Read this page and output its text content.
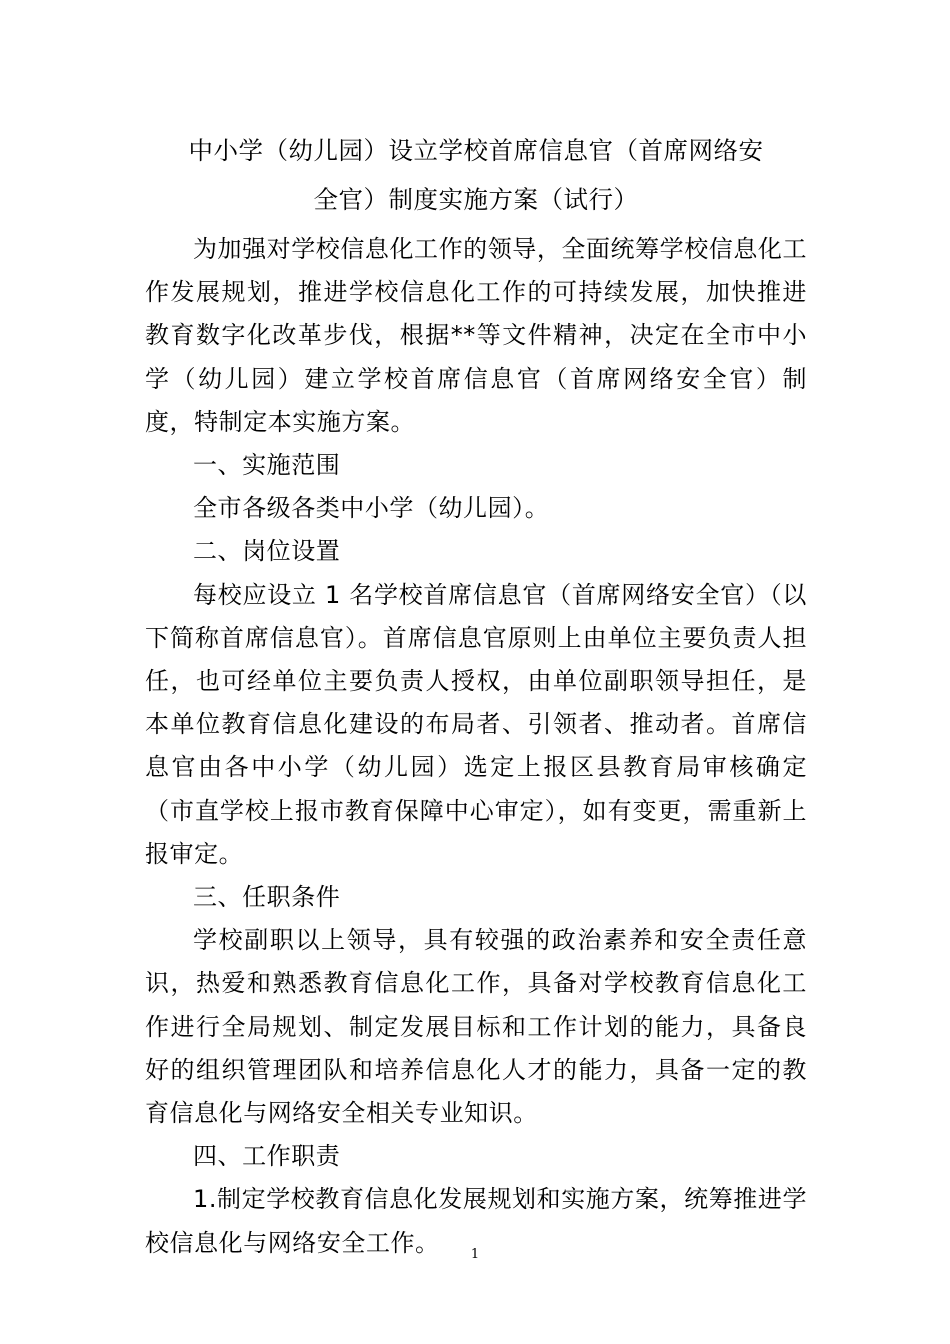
中小学（幼儿园）设立学校首席信息官（首席网络安
全官）制度实施方案（试行）

为加强对学校信息化工作的领导，全面统筹学校信息化工作发展规划，推进学校信息化工作的可持续发展，加快推进教育数字化改革步伐，根据**等文件精神，决定在全市中小学（幼儿园）建立学校首席信息官（首席网络安全官）制度，特制定本实施方案。

一、实施范围

全市各级各类中小学（幼儿园）。

二、岗位设置

每校应设立 1 名学校首席信息官（首席网络安全官）（以下简称首席信息官）。首席信息官原则上由单位主要负责人担任，也可经单位主要负责人授权，由单位副职领导担任，是本单位教育信息化建设的布局者、引领者、推动者。首席信息官由各中小学（幼儿园）选定上报区县教育局审核确定（市直学校上报市教育保障中心审定），如有变更，需重新上报审定。

三、任职条件

学校副职以上领导，具有较强的政治素养和安全责任意识，热爱和熟悉教育信息化工作，具备对学校教育信息化工作进行全局规划、制定发展目标和工作计划的能力，具备良好的组织管理团队和培养信息化人才的能力，具备一定的教育信息化与网络安全相关专业知识。

四、工作职责

1.制定学校教育信息化发展规划和实施方案，统筹推进学校信息化与网络安全工作。	1
